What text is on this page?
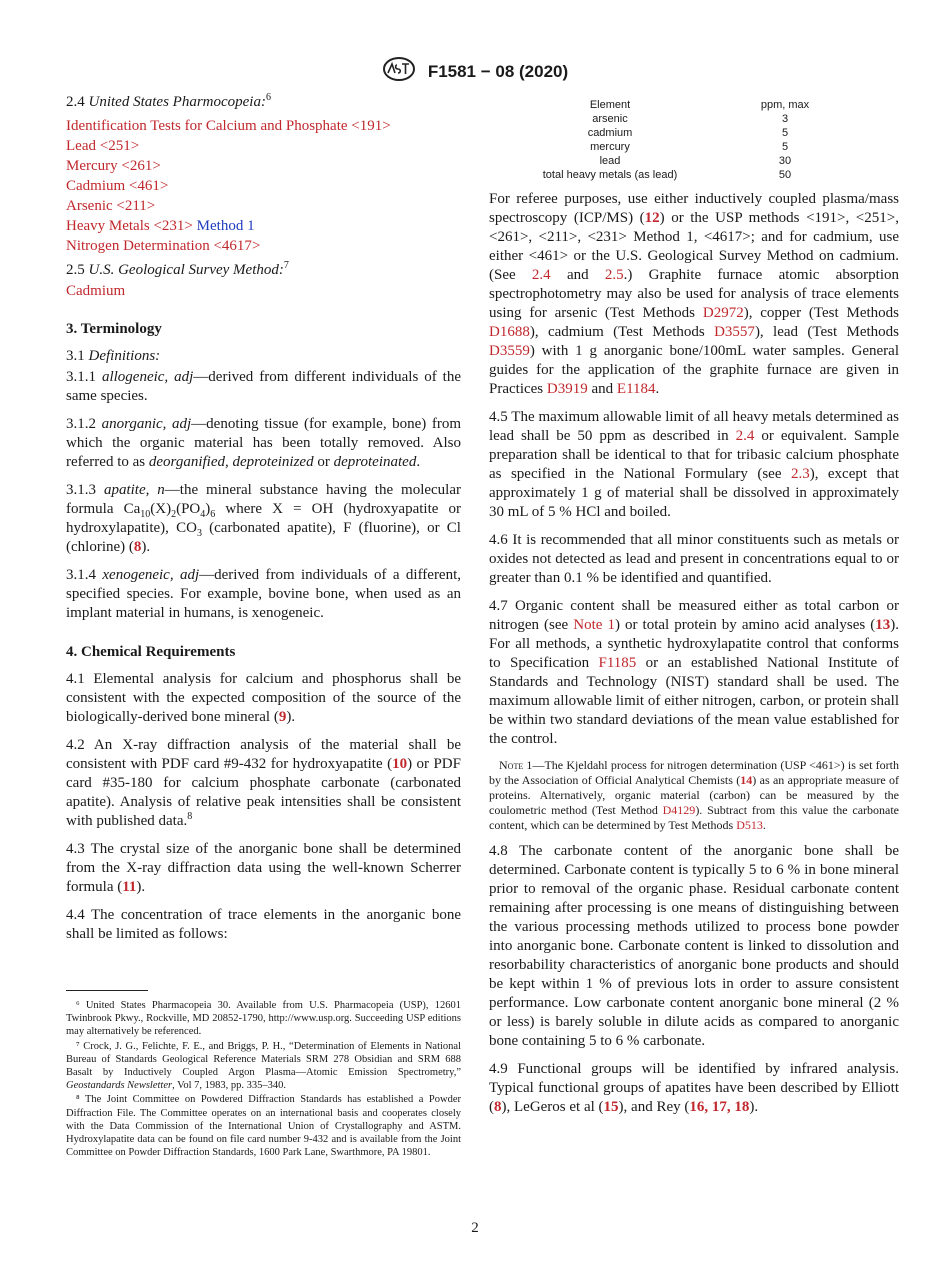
F1581 − 08 (2020)

2.4 United States Pharmocopeia:$^6$

Identification Tests for Calcium and Phosphate <191>
Lead <251>
Mercury <261>
Cadmium <461>
Arsenic <211>
Heavy Metals <231> Method 1
Nitrogen Determination <4617>

2.5 U.S. Geological Survey Method:$^7$

Cadmium

3. Terminology

3.1 Definitions:

3.1.1 allogeneic, adj—derived from different individuals of the same species.

3.1.2 anorganic, adj—denoting tissue (for example, bone) from which the organic material has been totally removed. Also referred to as deorganified, deproteinized or deproteinated.

3.1.3 apatite, n—the mineral substance having the molecular formula $Ca_{10}(X)_2(PO_4)_6$ where X = OH (hydroxyapatite or hydroxylapatite), $CO_3$ (carbonated apatite), F (fluorine), or Cl (chlorine) (8).

3.1.4 xenogeneic, adj—derived from individuals of a different, specified species. For example, bovine bone, when used as an implant material in humans, is xenogeneic.

4. Chemical Requirements

4.1 Elemental analysis for calcium and phosphorus shall be consistent with the expected composition of the source of the biologically-derived bone mineral (9).

4.2 An X-ray diffraction analysis of the material shall be consistent with PDF card #9-432 for hydroxyapatite (10) or PDF card #35-180 for calcium phosphate carbonate (carbonated apatite). Analysis of relative peak intensities shall be consistent with published data.$^8$

4.3 The crystal size of the anorganic bone shall be determined from the X-ray diffraction data using the well-known Scherrer formula (11).

4.4 The concentration of trace elements in the anorganic bone shall be limited as follows:

⁶ United States Pharmacopeia 30. Available from U.S. Pharmacopeia (USP), 12601 Twinbrook Pkwy., Rockville, MD 20852-1790, http://www.usp.org. Succeeding USP editions may alternatively be referenced.

⁷ Crock, J. G., Felichte, F. E., and Briggs, P. H., “Determination of Elements in National Bureau of Standards Geological Reference Materials SRM 278 Obsidian and SRM 688 Basalt by Inductively Coupled Argon Plasma—Atomic Emission Spectrometry,” Geostandards Newsletter, Vol 7, 1983, pp. 335–340.

⁸ The Joint Committee on Powdered Diffraction Standards has established a Powder Diffraction File. The Committee operates on an international basis and cooperates closely with the Data Commission of the International Union of Crystallography and ASTM. Hydroxylapatite data can be found on file card number 9-432 and is available from the Joint Committee on Powder Diffraction Standards, 1600 Park Lane, Swarthmore, PA 19801.

Element	ppm, max
arsenic	3
cadmium	5
mercury	5
lead	30
total heavy metals (as lead)	50

For referee purposes, use either inductively coupled plasma/mass spectroscopy (ICP/MS) (12) or the USP methods <191>, <251>, <261>, <211>, <231> Method 1, <4617>; and for cadmium, use either <461> or the U.S. Geological Survey Method on cadmium. (See 2.4 and 2.5.) Graphite furnace atomic absorption spectrophotometry may also be used for analysis of trace elements using for arsenic (Test Methods D2972), copper (Test Methods D1688), cadmium (Test Methods D3557), lead (Test Methods D3559) with 1 g anorganic bone/100mL water samples. General guides for the application of the graphite furnace are given in Practices D3919 and E1184.

4.5 The maximum allowable limit of all heavy metals determined as lead shall be 50 ppm as described in 2.4 or equivalent. Sample preparation shall be identical to that for tribasic calcium phosphate as specified in the National Formulary (see 2.3), except that approximately 1 g of material shall be dissolved in approximately 30 mL of 5 % HCl and boiled.

4.6 It is recommended that all minor constituents such as metals or oxides not detected as lead and present in concentrations equal to or greater than 0.1 % be identified and quantified.

4.7 Organic content shall be measured either as total carbon or nitrogen (see Note 1) or total protein by amino acid analyses (13). For all methods, a synthetic hydroxylapatite control that conforms to Specification F1185 or an established National Institute of Standards and Technology (NIST) standard shall be used. The maximum allowable limit of either nitrogen, carbon, or protein shall be within two standard deviations of the mean value established for the control.

Note 1—The Kjeldahl process for nitrogen determination (USP <461>) is set forth by the Association of Official Analytical Chemists (14) as an appropriate measure of proteins. Alternatively, organic material (carbon) can be measured by the coulometric method (Test Method D4129). Subtract from this value the carbonate content, which can be determined by Test Methods D513.

4.8 The carbonate content of the anorganic bone shall be determined. Carbonate content is typically 5 to 6 % in bone mineral prior to removal of the organic phase. Residual carbonate content remaining after processing is one means of distinguishing between the various processing methods utilized to process bone powder into anorganic bone. Carbonate content is linked to dissolution and resorbability characteristics of anorganic bone products and should be kept within 1 % of previous lots in order to assure consistent performance. Low carbonate content anorganic bone mineral (2 % or less) is barely soluble in dilute acids as compared to anorganic bone containing 5 to 6 % carbonate.

4.9 Functional groups will be identified by infrared analysis. Typical functional groups of apatites have been described by Elliott (8), LeGeros et al (15), and Rey (16, 17, 18).

2
